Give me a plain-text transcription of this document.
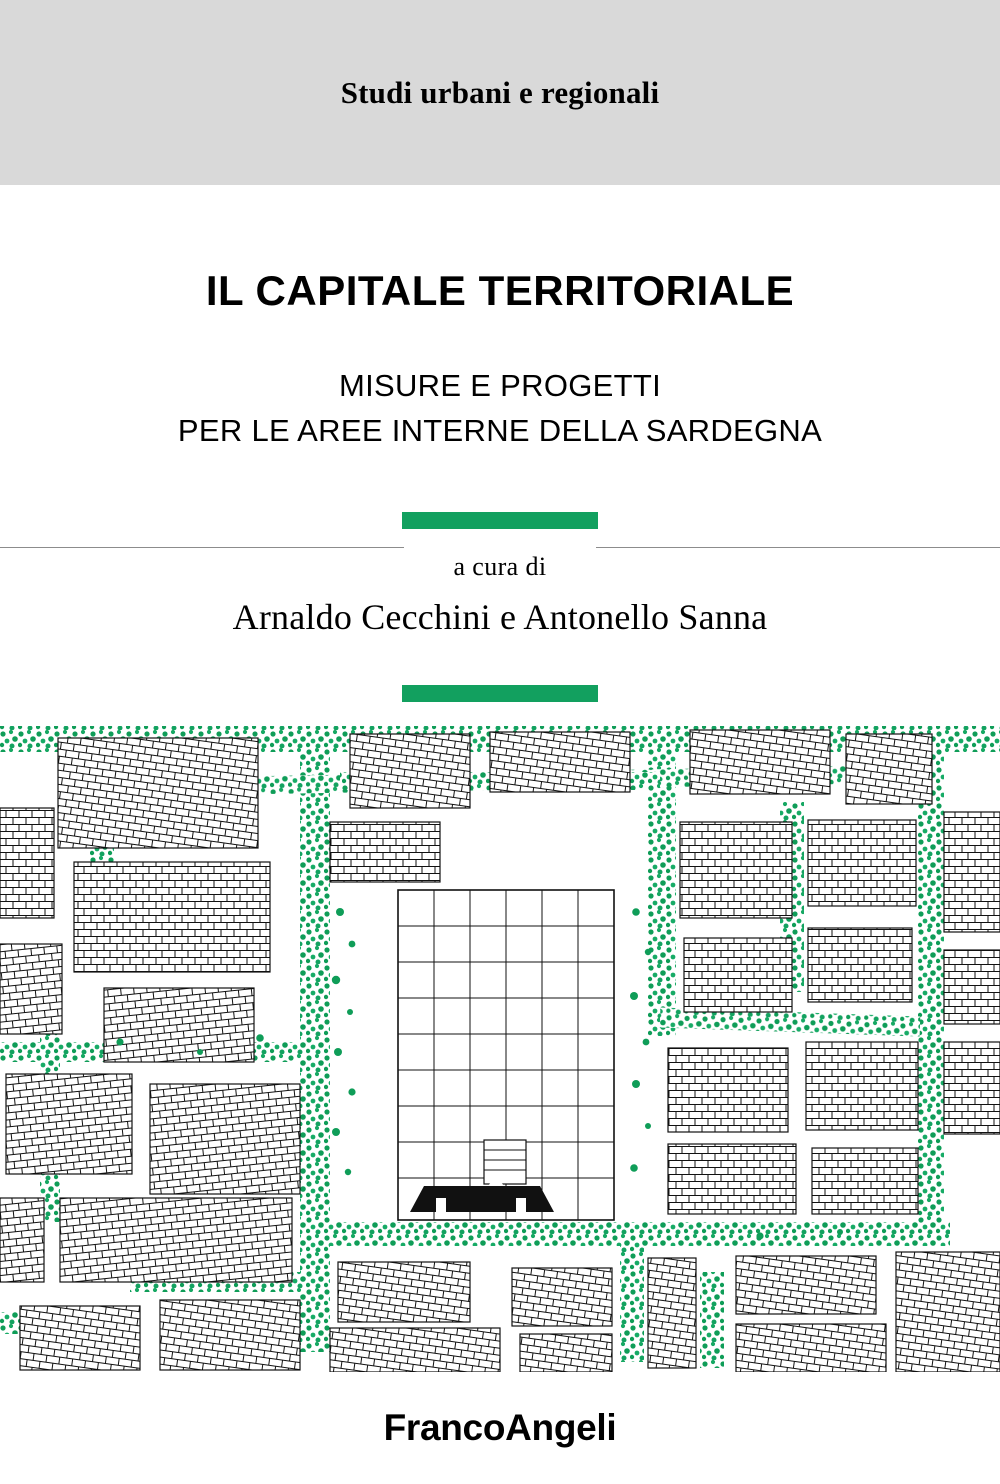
Studi urbani e regionali
IL CAPITALE TERRITORIALE
MISURE E PROGETTI
PER LE AREE INTERNE DELLA SARDEGNA
a cura di
Arnaldo Cecchini e Antonello Sanna
FrancoAngeli
